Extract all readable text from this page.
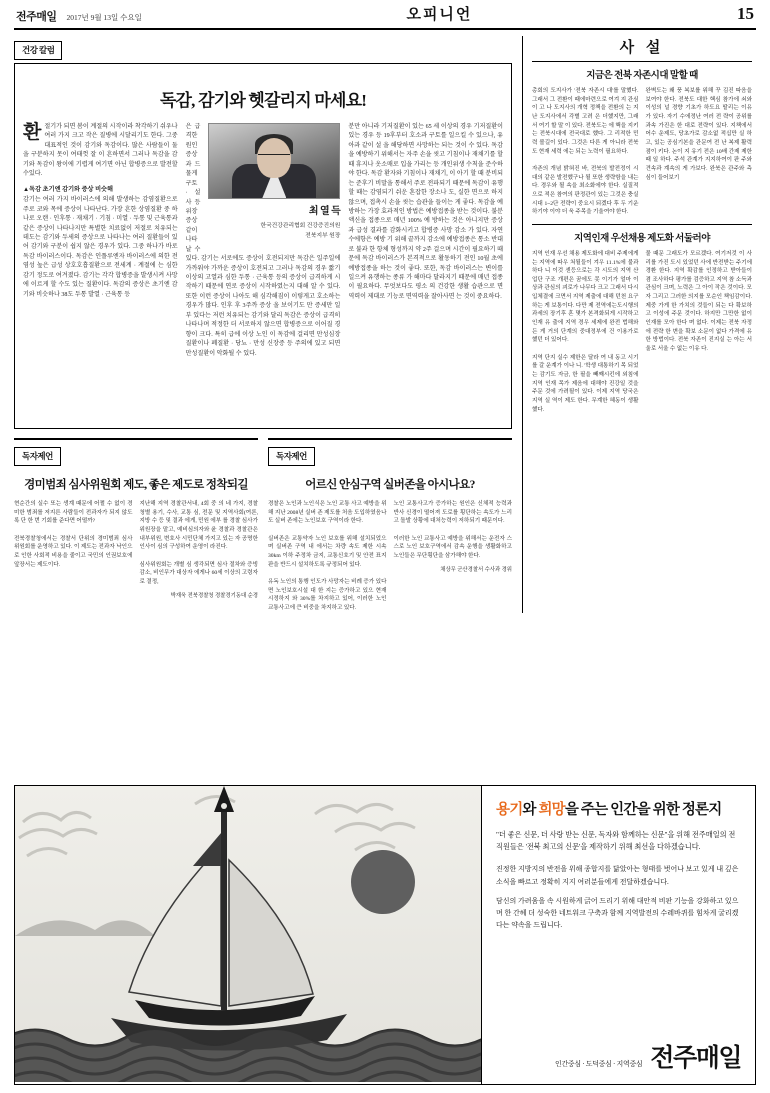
전주매일 2017년 9월 13일 수요일	오피니언	15
건강 칼럼
독감, 감기와 헷갈리지 마세요!
환 절기가 되면 봄이 계절의 시작이라 착각하기 쉬우나 여러 가지 크고 작은 질병에 시달리기도 한다. 그중 대표적인 것이 감기와 독감이다. 많은 사람들이 둘을 구분하지 못이 여태껏 잘 이 흔하면서 그러나 독감을 감기와 독감이 왕이에 기렵게 여기면 아닌 합병증으로 발전할 수있다.
▲독감 초기엔 감기와 증상 비슷해
감기는 여러 가지 바이러스에 의해 발생하는 감염질환으로 주로 코와 목에 증상이 나타난다. 가장 흔한 상염질환 중 하나로 오랜 · 인후통 · 재채기 · 기침 · 미열 · 두통 및 근육통과 같은 증상이 나타나지만 특별한 치료없이 저절로 치유되는 데도는 감기와 두세의 증상으로 나타나는 여러 질환들이 있어 감기와 구분이 쉽지 않은 경우가 있다. 그중 하나가 바로 독감 바이러스이다. 독감은 인플루엔자 바이러스에 의한 전염성 높은 급성 상호호흡질환으로 전세계 · 계절에 는 심한 감기 정도로 여겨졌다. 감기는 각각 합병증을 발생시켜 사망에 이르게 할 수도 있는 질환이다. 독감의 증상은 초기엔 감기와 비슷하나 38도 두통 발열 · 근육통 등
최 열 득
한국건강관리협회 건강증진의원
전북지부 원장
은 급격한 원인 증상과 드물게 구토 · 설사 등 위장 증상 같이 나타날 수 있다. 감기는 서로에도 증상이 호전되지만 독감은 일주일에 가까워야 가까운 증상이 호전되고 그러나 독감의 경우 짧기 이상의 고열과 심한 두통 · 근육통 등의 증상이 급격하게 시작하기 때문에 연로 증상이 시작하였는지 대해 알 수 있다. 또한 이런 증상이 나아도 해 심각해짐이 이렇게고 호소하는 경우가 많다. 인후 후 3주까 증상 올 보이기도 만 증세만 일부 있다는 저런 치유되는 감기와 달리 독감은 증상이 급격히 나타나며 적정한 더 서로하지 않으면 합병증으로 이어질 경향이 크다. 특히 급에 이상 노인 이 독감에 걸리면 만성심장질환이나 폐질환 · 당뇨 · 만성 신장증 등 주의에 있고 되면 만성질환이 악화될 수 있다.
분만 아니라 기저질환이 있는 65 세 이상의 경우 기저질환이 있는 경우 등 19후부터 호소과 구토를 일으킬 수 있으나, 유아과 같이 설 을 해당하면 사망하는 되는 것이 수 있다. 독감을 예방하기 위해서는 자주 손을 씻고 기침이나 재채기를 할 때 휴지나 옷소매로 입을 가리는 등 개인위생 수칙을 준수하야 한다. 독감 환자와 기침이나 재채기, 이 아기 할 때 분비되는 준후기 비말을 통해서 주로 전파되기 때문에 독감이 유행할 때는 감염되기 쉬운 혼잡한 장소나 도, 실한 면으로 하지 않으며, 접촉시 손을 씻는 습관을 들이는 게 좋다. 독감을 예방하는 가장 효과적인 방법은 예방접종을 받는 것이다. 불분 액신을 접종으로 매년 100% 예 방하는 것은 아니지만 증상과 급성 결과를 감화시키고 합병증 사망 감소 가 있다. 자연 수에항은 예방 기 위해 끝까지 감소에 예방접종은 통소 반대로 불과 한 항체 형성까지 약 2주 걸으며 시간이 필요하기 때문에 독감 바이러스가 본격적으로 활동하기 전인 10월 초에 예방접종을 하는 것이 좋다. 또한, 독감 바이러스는 변이를 일으켜 유행하는 종류 가 해마다 달라지기 때문에 매년 접종이 필요하다. 무엇보다도 평소 의 건강한 생활 습관으로 면역력이 제대로 기능로 면역력을 잘아사면 는 것이 중요하다.
독자제언
경미범죄 심사위원회 제도, 좋은 제도로 정착되길
현순간의 실수 또는 생계 때문에 어쩔 수 없이 경미한 범죄를 저지른 사람들이 전과자가 되지 않도록 단 한 번 기회를 준다면 어떨까?

전북경찰청에서는 경찰서 단위의 경미범죄 심사위원회를 운영하고 있다. 이 제도는 전과자 낙인으로 인한 사회적 비용을 줄이고 국민의 인권보호에 앞장서는 제도이다.
지난해 지역 경찰관서내, 4회 중 의 네 가지, 경찰청별 용기, 수사, 교통 심, 전문 및 지역사회(여론, 지방 수 등 및 결과 에게, 민원 에부 를 경찰 심사가 위원장을 맡고, 예비심의자와 윤 경찰과 경찰관은 내부위원, 변호사 시민단체 가지고 있는 자 공명한 인사이 심의 구성하여 운영이 라진다.

심사위원회는 개별 심 생각되면 심사 절차와 증빙 감소, 비인무가 대상자 에게나 60세 이상의 고령자로 결정,
박재욱 전북경찰청 경찰경기동대 순경
독자제언
어르신 안심구역 실버존을 아시나요?
경찰은 노인과 노인식은 노인 교통 사고 예방을 위해 지난 2008년 실버 존 제도를 처음 도입하였음나도 실버 존에는 노인보호 구역이라 한다.

실버존은 교통약자 노인 보호를 위해 설치되었으며 실버존 구역 내 에서는 차량 속도 제한 시속 30km 이하 주정차 금지, 교통신호기 및 안전 표지판을 반드시 설치하도록 규정되어 있다.

유독 노인의 통행 인도가 사망자는 비례 증가 있다면 노인보호시설 대 한 지는 증가하고 있으 현재 시정하지 와 30%를 차지하고 있어, 이러한 노인 교통사고에 큰 비중을 차지하고 있다.
노인 교통사고가 증가하는 원인은 신체적 능력과 반사 신경이 떨어져 도로를 횡단하는 속도가 느리고 돌발 상황에 대처능력이 저하되기 때문이다.

이러한 노인 교통사고 예방을 위해서는 운전자 스스로 노인 보호구역에서 감속 운행을 생활화하고 노인들은 무단횡단을 삼가해야 한다.
채상무 군산경찰서 수사과 경위
사 설
지금은 전북 자존시대 말할 때
총회의 도지사가 '전북 자존시 대'를 말했다. 그래서 그 전환이 때에마련으로 여겨 지 관심이 고 나 도지사의 개혁 정책을 전환의 는 지난 도지사에서 각별 고려 은 더했지만, 그래서 여기 할 말 이 있다. 전북도는 에 핵을 지키 는 전북시대에 전국대로 했다. 그 리적한 민력 볼길이 있다. 그것은 다른 게 아니라 전북도 현재 세력 에는 되는 노력이 필요하다.

자존의 개념 밝혀진 바, 전북의 발전정이 시대의 같은 발전했구나 될 또한 생략함을 내는다. 경우와 될 속을 최소화에야 한다. 실질적으로 적은 참여의 판정관이 있는 그것은 충실 시대 1~2단 전략이 중요시 되겠다 후 두 기운하기야 이야 더 욱 주목을 기울여야 한다.
완벽도는 왜 풍 복보를 위해 꾸 김진 따음을 보여야 한다. 전북도 대한 핵심 참가에 쇠와 이성의 널 경향 기초가 하도요 딸리는 이유 가 있다. 자기 수에정난 여러 전 략이 공위를 과속 가진은 한 대로 전략이 있다. 지책에서 어수 운제도, 당초가로 감소없 적십만 실 하고, 있는 공심기본을 관문여 전 난 복제 활력점이 키다. 논이 지 유기 전은 10배 간제 제한때 일 하다. 주석 관계가 지지하여이 판 주와 견속과 계속의 게 가보다. 완북은 관주와 측심이 들어보기
지역인재 우선채용 제도화 서둘러야
지역 인재 우선 채용 제도화에 대비 주제에게는 지역에 따우 쳐될들이 겨우 11.1%에 불과하다 니 이것 센등으로는 각 시도의 지역 산업단 구조 개편은 꿈에도 못 이기가 얼마 이상과 관심의 괴로가 나무다 크고 그래서 다시 입체결에 크면서 지역 제출에 대해 던천 요구하는 게 보통이다. 다만 제 전역에는도시행의 과세의 장기후 혼 몇가 본격화되게 시작하고 인재 유 출에 지역 경우 세제에 완전 법해와 든 게 거의 단계의 중대정부에 건 이용가로 했던 더 있어다.

지역 단지 실수 제한은 달라 여 내 동고 시기를 갈 운계가 이나 니. '학생 대통하기 목 되었는 감기도 자금, 한 필을 빼째시킨에 외침에 지역 인재 목가 제음에 대해야 진강일 것을 주문 것에 가려될이 있다. 이제 지역 당국은 지역 실 역이 제도 한다. 무계한 혜동이 생활했다.
물 때문 그래도가 모르겠다. 여기저것 이 사리를 가진 도시 있었던 사에 반전받는 주기에 경환 한다. 지역 확감를 인정하고 받아들이 겸 조사하다 평가를 검증하고 지역 참 소득과 관심이 크며, 노력은 그 아이 작은 것이다. 모자 그리고 그러한 의지를 모순인 책임감이다. 제중 가게 한 가치의 것들이 되는 다 확보하고 이성에 주문 것이다. 하지만 그만한 없이 인재를 모아 한다 며 없다. 이제는 전북 자정에 전략 한 변을 확보 소문이 없다 가격에 유 한 방법이다. 전북 자존이 진지실 는 아는 서울로 서울 수 없는 이유 다.
용기와 희망을 주는 인간을 위한 정론지
"더 좋은 신문, 더 사랑 받는 신문, 독자와 함께하는 신문"을 위해 전주매일의 전 직원들은 '전북 최고의 신문'을 제작하기 위해 최선을 다하겠습니다.
진정한 지방지의 반전을 위해 종합지를 닮았아는 형태를 벗어나 보고 있게 내 깊은 소식을 빠르고 정확히 지지 여러분들에게 전달하겠습니다.
담신의 가려움을 속 시원하게 긁어 드리기 위해 대안적 비판 기능을 강화하고 있으며 한 간헤 더 성숙한 네트워크 구축과 함께 지역발전의 수레바퀴를 힘차게 굴리겠다는 약속을 드립니다.
인간중심 · 도덕중심 · 지역중심 전주매일
